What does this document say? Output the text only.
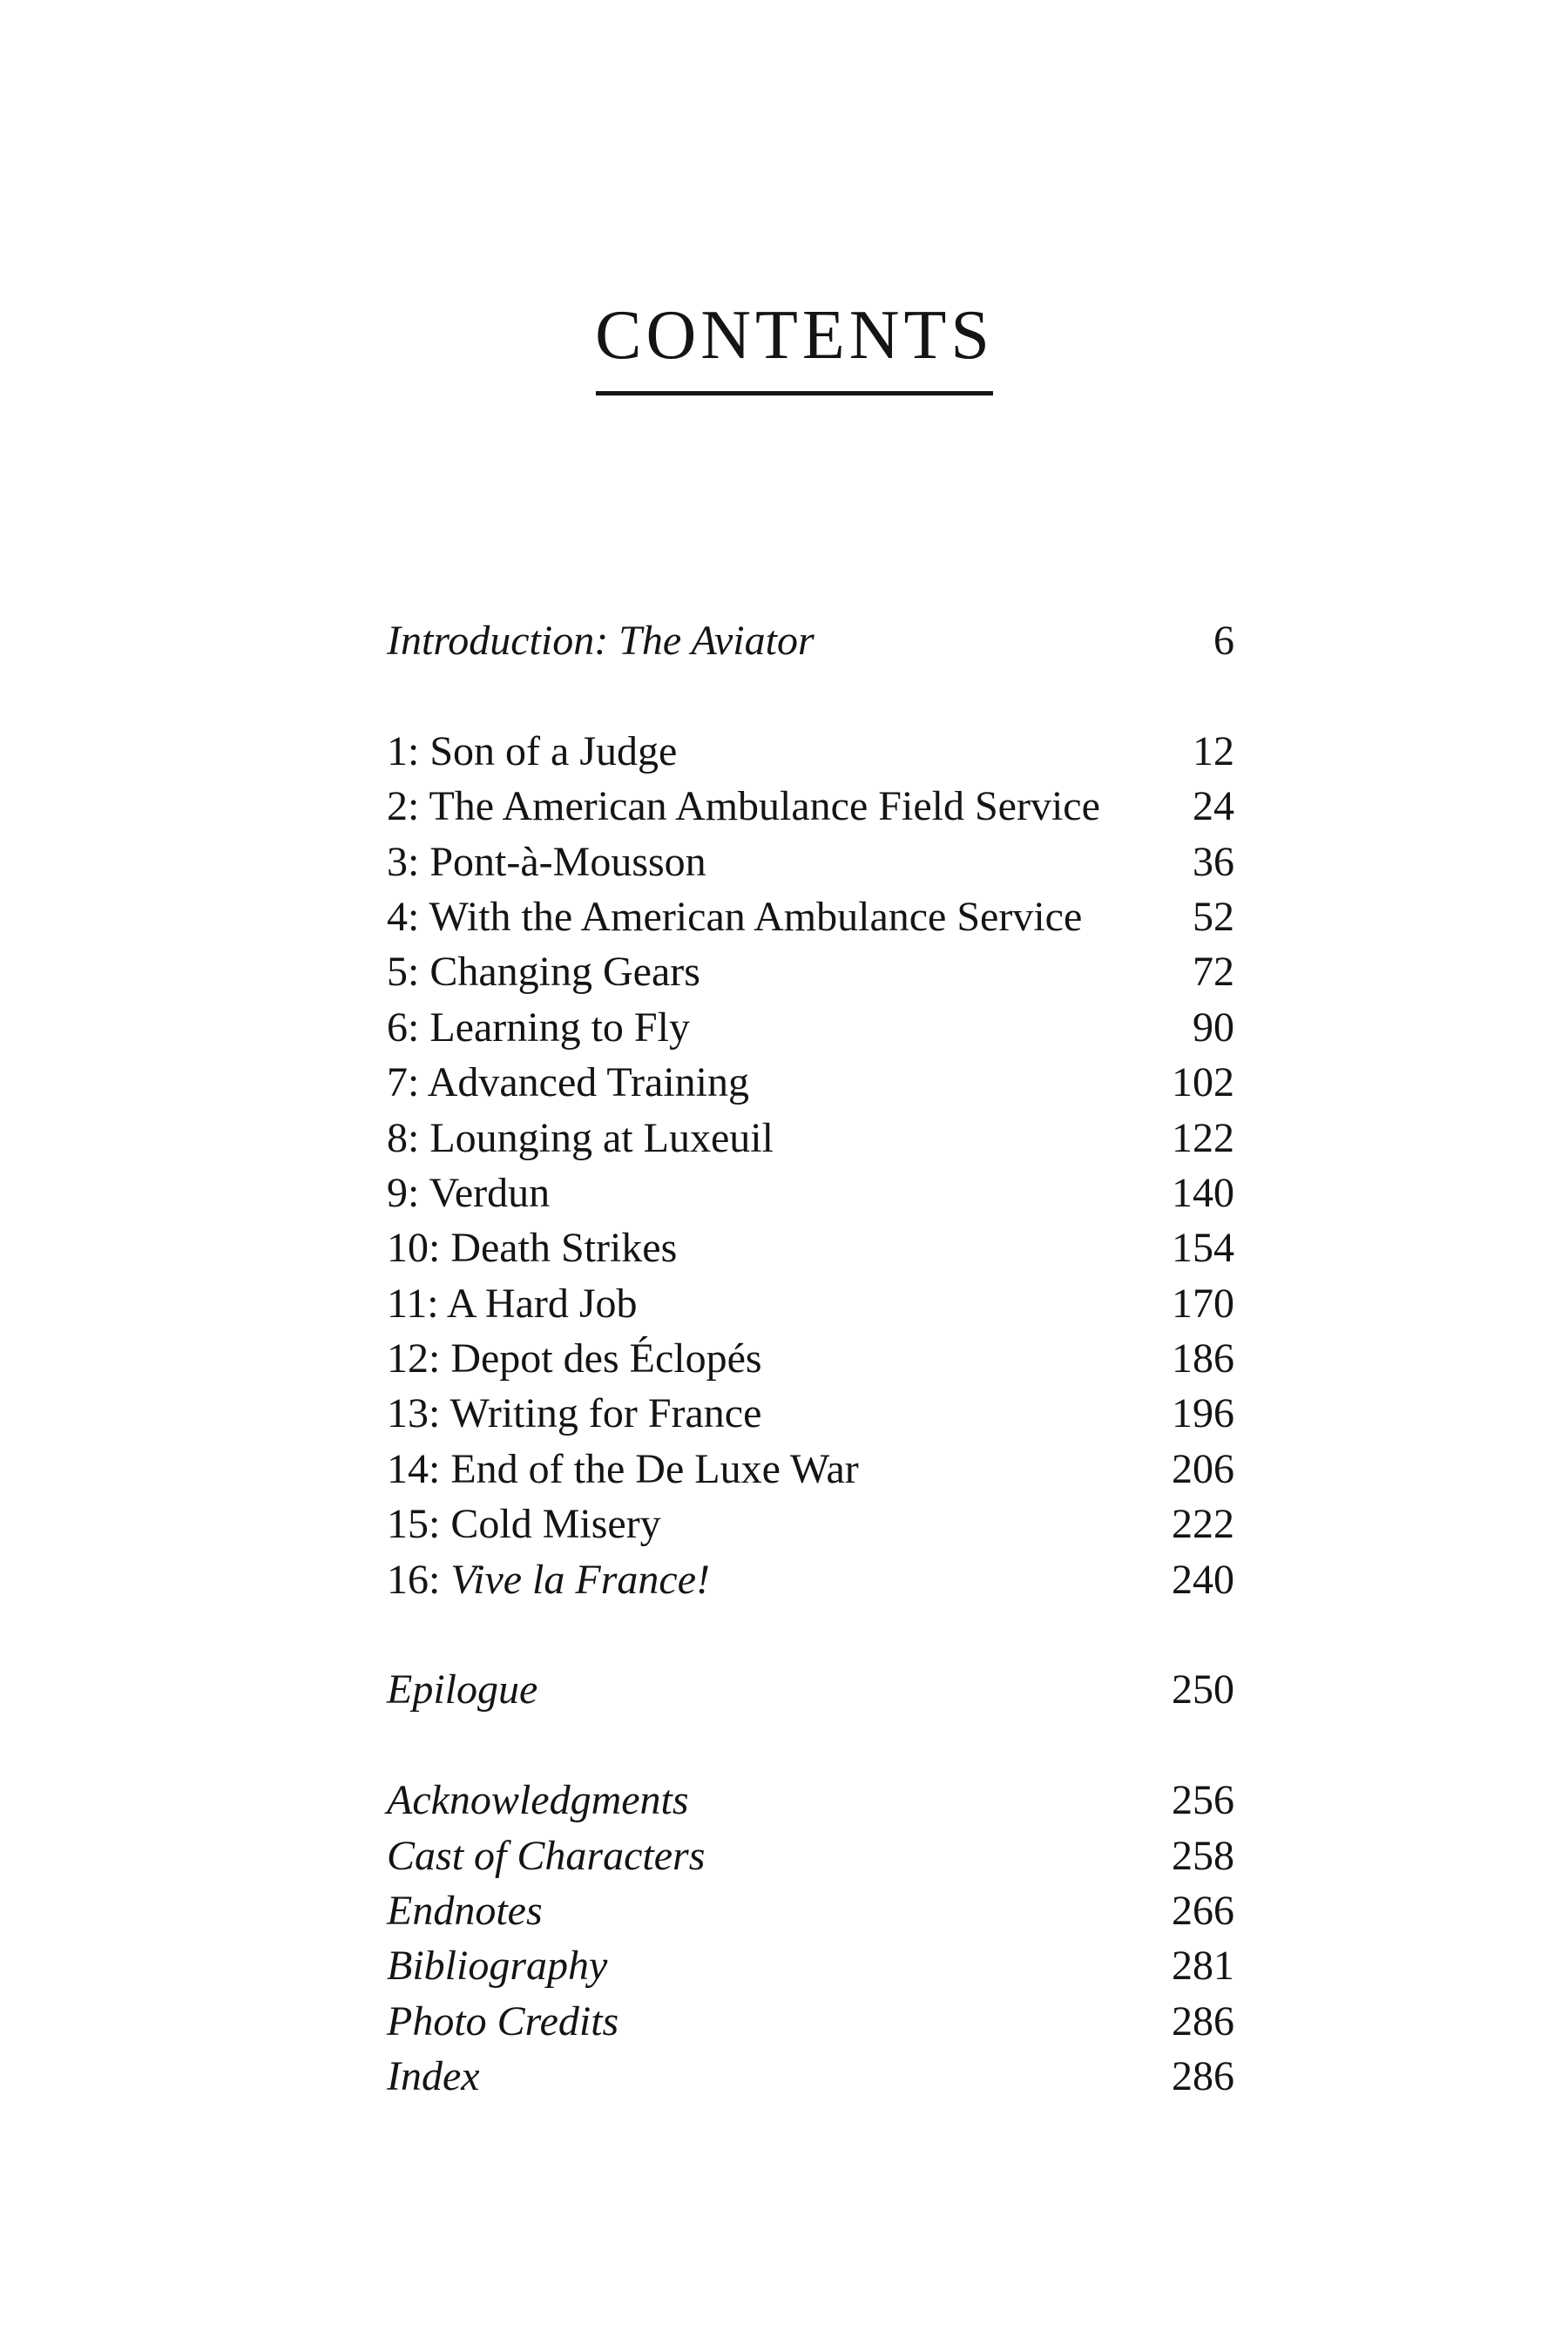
CONTENTS
Introduction: The Aviator	6
1: Son of a Judge	12
2: The American Ambulance Field Service	24
3: Pont-à-Mousson	36
4: With the American Ambulance Service	52
5: Changing Gears	72
6: Learning to Fly	90
7: Advanced Training	102
8: Lounging at Luxeuil	122
9: Verdun	140
10: Death Strikes	154
11: A Hard Job	170
12: Depot des Éclopés	186
13: Writing for France	196
14: End of the De Luxe War	206
15: Cold Misery	222
16: Vive la France!	240
Epilogue	250
Acknowledgments	256
Cast of Characters	258
Endnotes	266
Bibliography	281
Photo Credits	286
Index	286
